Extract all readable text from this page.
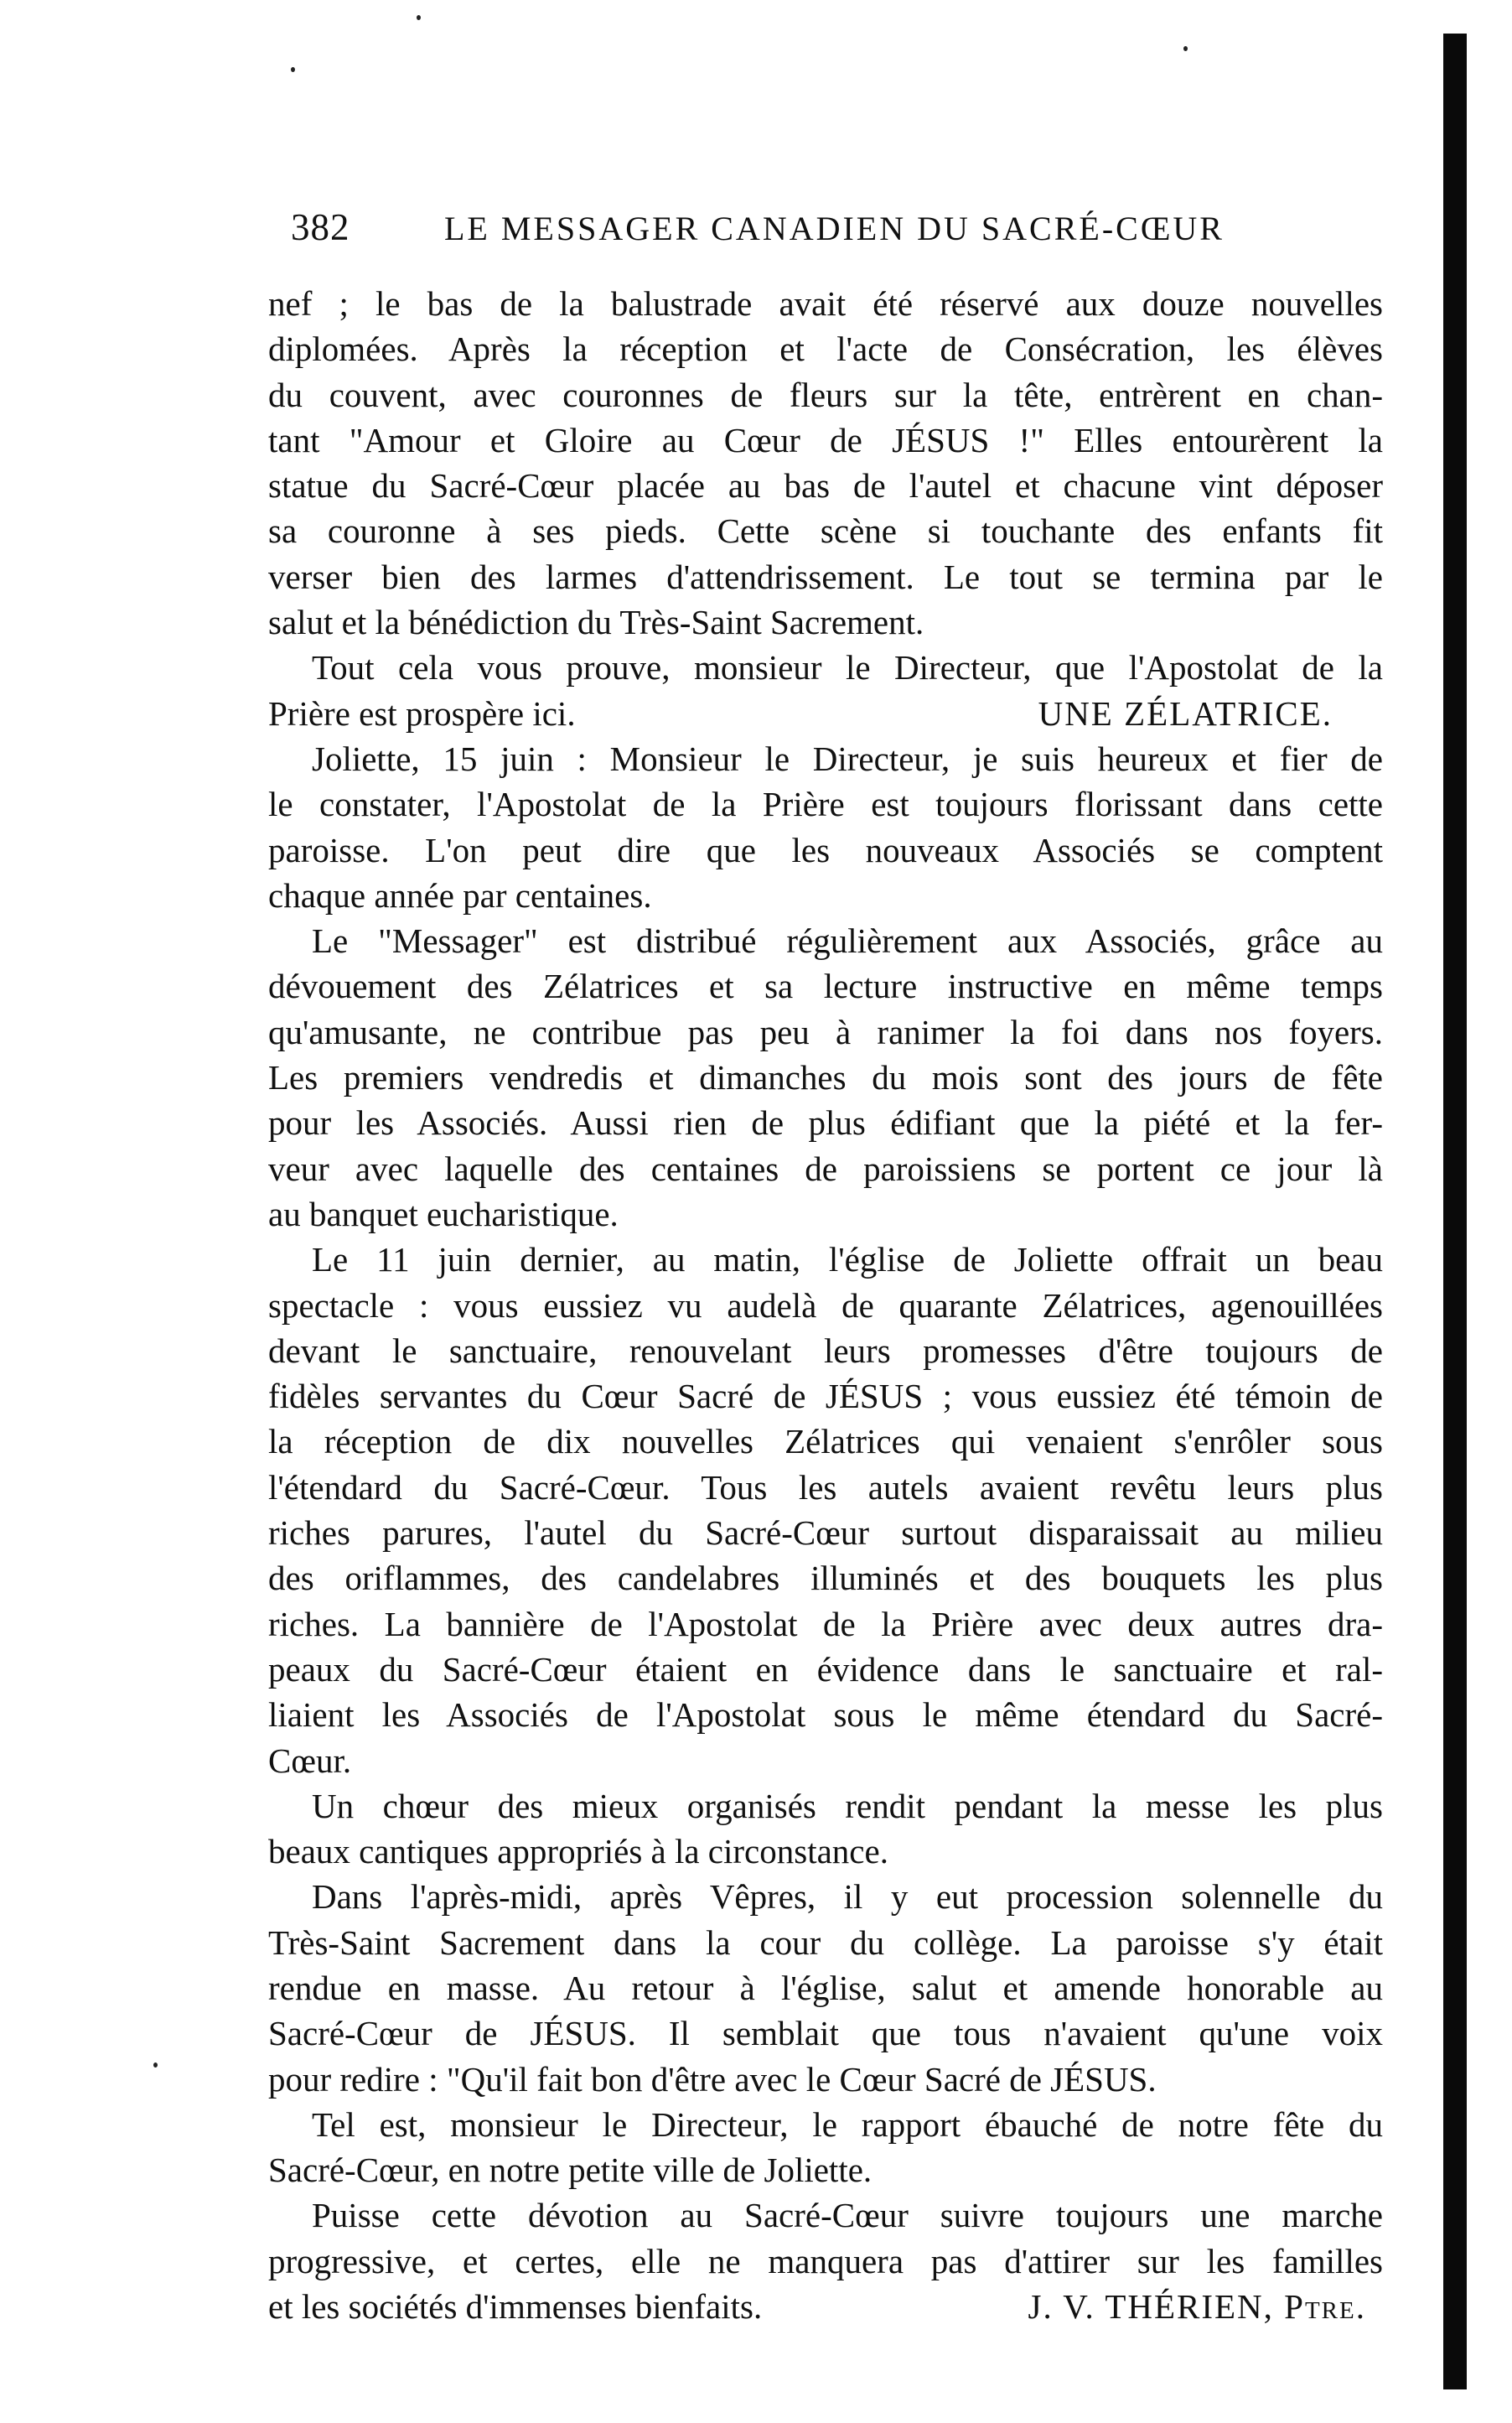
382	LE MESSAGER CANADIEN DU SACRÉ-CŒUR
nef ; le bas de la balustrade avait été réservé aux douze nouvelles
diplomées. Après la réception et l'acte de Consécration, les élèves
du couvent, avec couronnes de fleurs sur la tête, entrèrent en chan-
tant "Amour et Gloire au Cœur de JÉSUS !" Elles entourèrent la
statue du Sacré-Cœur placée au bas de l'autel et chacune vint déposer
sa couronne à ses pieds. Cette scène si touchante des enfants fit
verser bien des larmes d'attendrissement. Le tout se termina par le
salut et la bénédiction du Très-Saint Sacrement.
Tout cela vous prouve, monsieur le Directeur, que l'Apostolat de la
Prière est prospère ici.	UNE ZÉLATRICE.
Joliette, 15 juin : Monsieur le Directeur, je suis heureux et fier de
le constater, l'Apostolat de la Prière est toujours florissant dans cette
paroisse. L'on peut dire que les nouveaux Associés se comptent
chaque année par centaines.
Le "Messager" est distribué régulièrement aux Associés, grâce au
dévouement des Zélatrices et sa lecture instructive en même temps
qu'amusante, ne contribue pas peu à ranimer la foi dans nos foyers.
Les premiers vendredis et dimanches du mois sont des jours de fête
pour les Associés. Aussi rien de plus édifiant que la piété et la fer-
veur avec laquelle des centaines de paroissiens se portent ce jour là
au banquet eucharistique.
Le 11 juin dernier, au matin, l'église de Joliette offrait un beau
spectacle : vous eussiez vu audelà de quarante Zélatrices, agenouillées
devant le sanctuaire, renouvelant leurs promesses d'être toujours de
fidèles servantes du Cœur Sacré de JÉSUS ; vous eussiez été témoin de
la réception de dix nouvelles Zélatrices qui venaient s'enrôler sous
l'étendard du Sacré-Cœur. Tous les autels avaient revêtu leurs plus
riches parures, l'autel du Sacré-Cœur surtout disparaissait au milieu
des oriflammes, des candelabres illuminés et des bouquets les plus
riches. La bannière de l'Apostolat de la Prière avec deux autres dra-
peaux du Sacré-Cœur étaient en évidence dans le sanctuaire et ral-
liaient les Associés de l'Apostolat sous le même étendard du Sacré-
Cœur.
Un chœur des mieux organisés rendit pendant la messe les plus
beaux cantiques appropriés à la circonstance.
Dans l'après-midi, après Vêpres, il y eut procession solennelle du
Très-Saint Sacrement dans la cour du collège. La paroisse s'y était
rendue en masse. Au retour à l'église, salut et amende honorable au
Sacré-Cœur de JÉSUS. Il semblait que tous n'avaient qu'une voix
pour redire : "Qu'il fait bon d'être avec le Cœur Sacré de JÉSUS.
Tel est, monsieur le Directeur, le rapport ébauché de notre fête du
Sacré-Cœur, en notre petite ville de Joliette.
Puisse cette dévotion au Sacré-Cœur suivre toujours une marche
progressive, et certes, elle ne manquera pas d'attirer sur les familles
et les sociétés d'immenses bienfaits.	J. V. THÉRIEN, Ptre.
